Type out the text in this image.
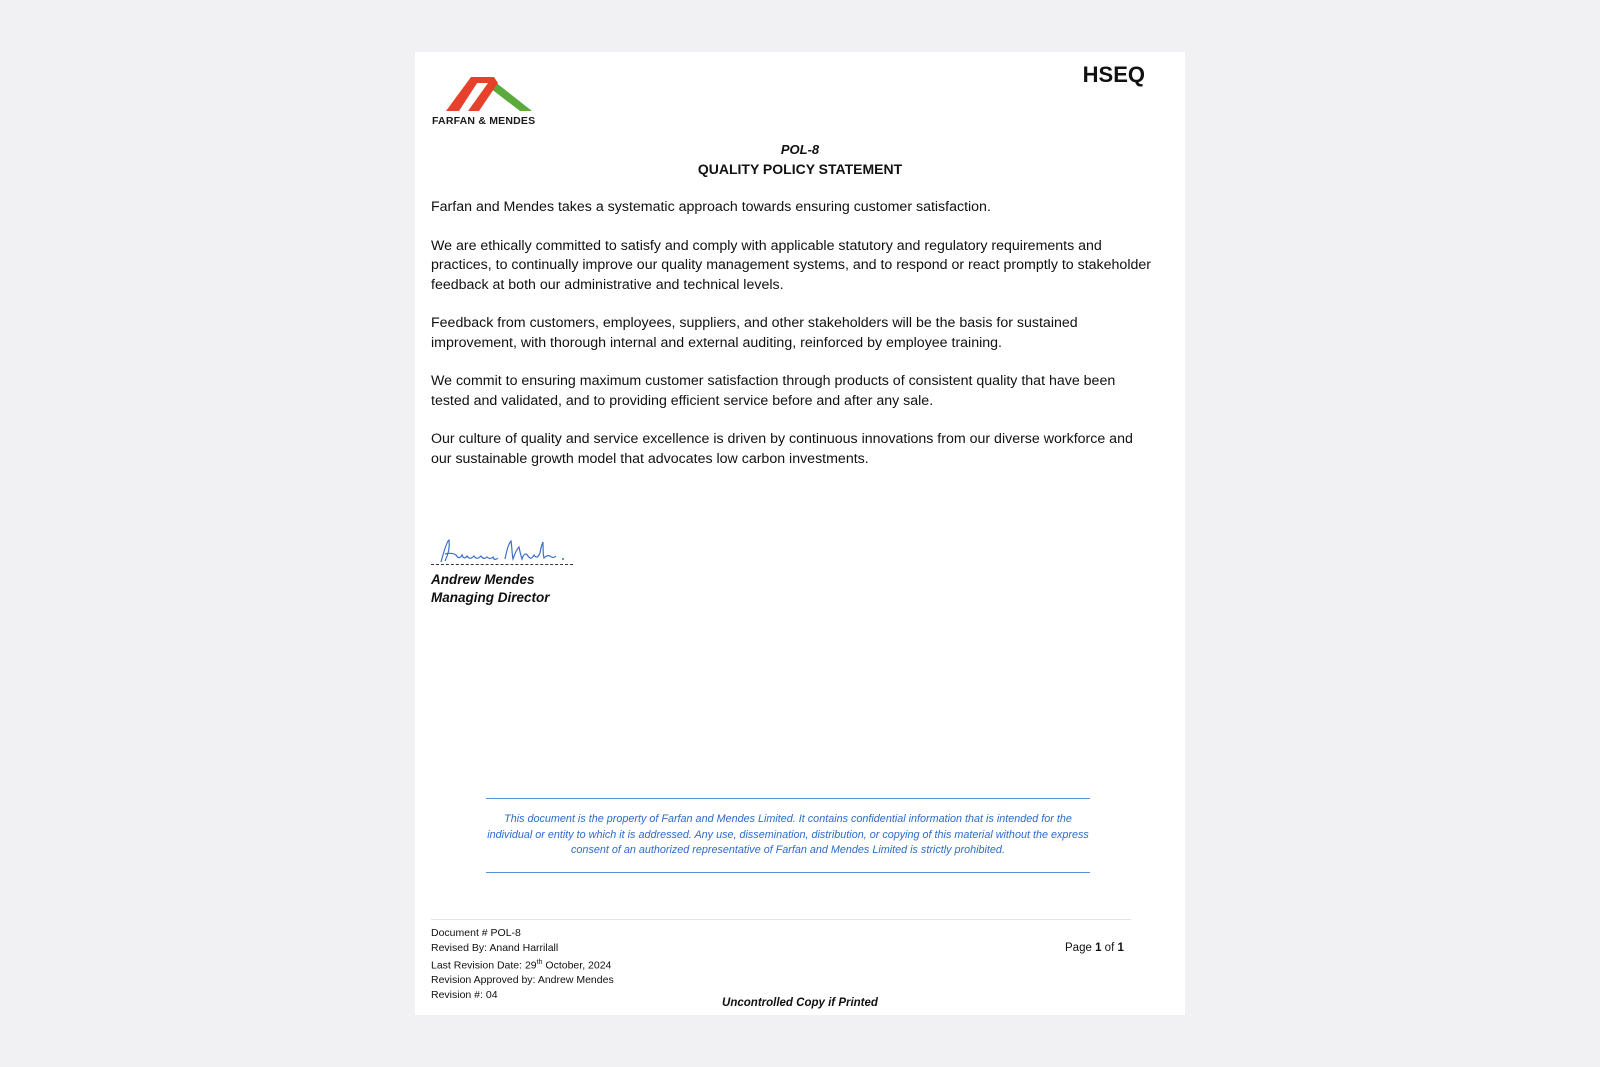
FARFAN & MENDES
HSEQ
POL-8
QUALITY POLICY STATEMENT

Farfan and Mendes takes a systematic approach towards ensuring customer satisfaction.

We are ethically committed to satisfy and comply with applicable statutory and regulatory requirements and practices, to continually improve our quality management systems, and to respond or react promptly to stakeholder feedback at both our administrative and technical levels.

Feedback from customers, employees, suppliers, and other stakeholders will be the basis for sustained improvement, with thorough internal and external auditing, reinforced by employee training.

We commit to ensuring maximum customer satisfaction through products of consistent quality that have been tested and validated, and to providing efficient service before and after any sale.

Our culture of quality and service excellence is driven by continuous innovations from our diverse workforce and our sustainable growth model that advocates low carbon investments.

Andrew Mendes
Managing Director
This document is the property of Farfan and Mendes Limited. It contains confidential information that is intended for the individual or entity to which it is addressed. Any use, dissemination, distribution, or copying of this material without the express consent of an authorized representative of Farfan and Mendes Limited is strictly prohibited.
Document # POL-8
Revised By: Anand Harrilall
Last Revision Date: 29th October, 2024
Revision Approved by: Andrew Mendes
Revision #: 04
Page 1 of 1
Uncontrolled Copy if Printed
